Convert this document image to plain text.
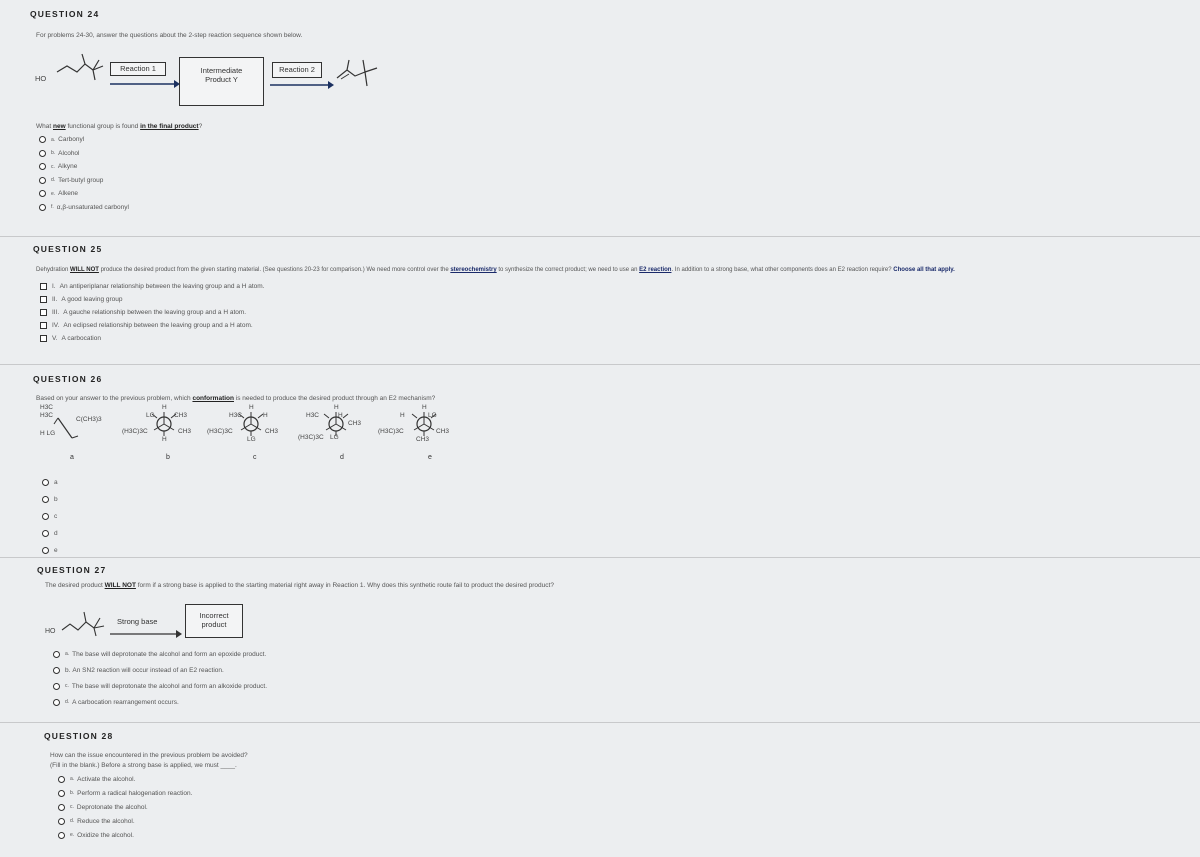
QUESTION 24
For problems 24-30, answer the questions about the 2-step reaction sequence shown below.
HO
Reaction 1	Intermediate
Product Y
Reaction 2
What new functional group is found in the final product?
a. Carbonyl
b. Alcohol
c. Alkyne
d. Tert-butyl group
e. Alkene
f. α,β-unsaturated carbonyl
QUESTION 25
Dehydration WILL NOT produce the desired product from the given starting material. (See questions 20-23 for comparison.) We need more control over the stereochemistry to synthesize the correct product; we need to use an E2 reaction. In addition to a strong base, what other components does an E2 reaction require? Choose all that apply.
I. An antiperiplanar relationship between the leaving group and a H atom.
II. A good leaving group
III. A gauche relationship between the leaving group and a H atom.
IV. An eclipsed relationship between the leaving group and a H atom.
V. A carbocation
QUESTION 26
Based on your answer to the previous problem, which conformation is needed to produce the desired product through an E2 mechanism?
H3C
H3C
C(CH3)3
H LG
a
H
LG	CH3
(H3C)3C	CH3
H
b
H
H3C	H
(H3C)3C	CH3
LG
c
H
H3C	H
CH3
(H3C)3C LG
d
H
H	LG
(H3C)3C	CH3
CH3
e
a
b
c
d
e
QUESTION 27
The desired product WILL NOT form if a strong base is applied to the starting material right away in Reaction 1. Why does this synthetic route fail to product the desired product?
HO
Strong base
Incorrect
product
a. The base will deprotonate the alcohol and form an epoxide product.
b. An SN2 reaction will occur instead of an E2 reaction.
c. The base will deprotonate the alcohol and form an alkoxide product.
d. A carbocation rearrangement occurs.
QUESTION 28
How can the issue encountered in the previous problem be avoided?
(Fill in the blank.) Before a strong base is applied, we must ____.
a. Activate the alcohol.
b. Perform a radical halogenation reaction.
c. Deprotonate the alcohol.
d. Reduce the alcohol.
e. Oxidize the alcohol.
